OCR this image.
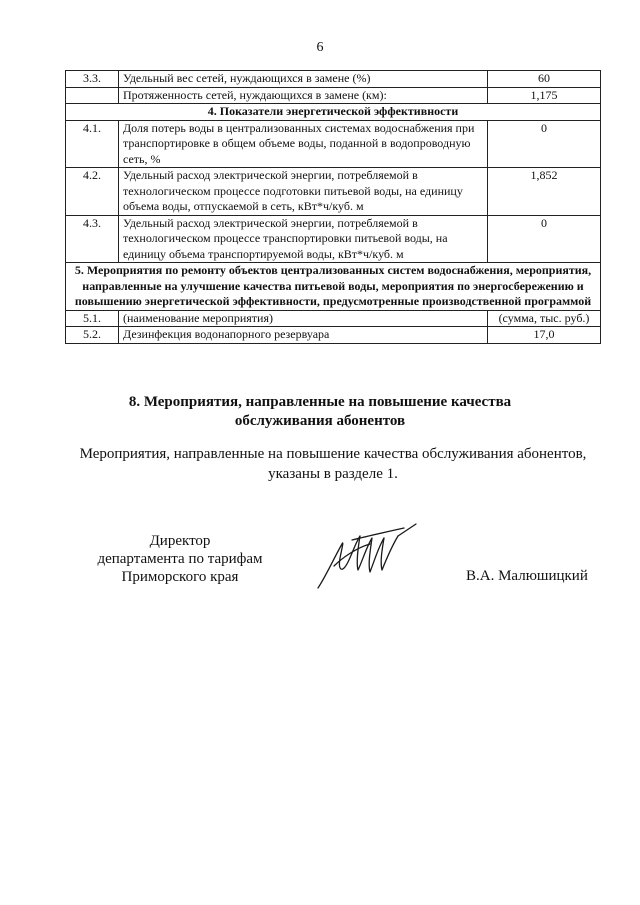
6
3.3.	Удельный вес сетей, нуждающихся в замене (%)	60
	Протяженность сетей, нуждающихся в замене (км):	1,175
4. Показатели энергетической эффективности		
4.1.	Доля потерь воды в централизованных системах водоснабжения при транспортировке в общем объеме воды, поданной в водопроводную сеть, %	0
4.2.	Удельный расход электрической энергии, потребляемой в технологическом процессе подготовки питьевой воды, на единицу объема воды, отпускаемой в сеть, кВт*ч/куб. м	1,852
4.3.	Удельный расход электрической энергии, потребляемой в технологическом процессе транспортировки питьевой воды, на единицу объема транспортируемой воды, кВт*ч/куб. м	0
5. Мероприятия по ремонту объектов централизованных систем водоснабжения, мероприятия, направленные на улучшение качества питьевой воды, мероприятия по энергосбережению и повышению энергетической эффективности, предусмотренные производственной программой		
5.1.	(наименование мероприятия)	(сумма, тыс. руб.)
5.2.	Дезинфекция водонапорного резервуара	17,0
8. Мероприятия, направленные на повышение качества
обслуживания абонентов
Мероприятия, направленные на повышение качества обслуживания абонентов,
указаны в разделе 1.
Директор
департамента по тарифам
Приморского края	В.А. Малюшицкий
